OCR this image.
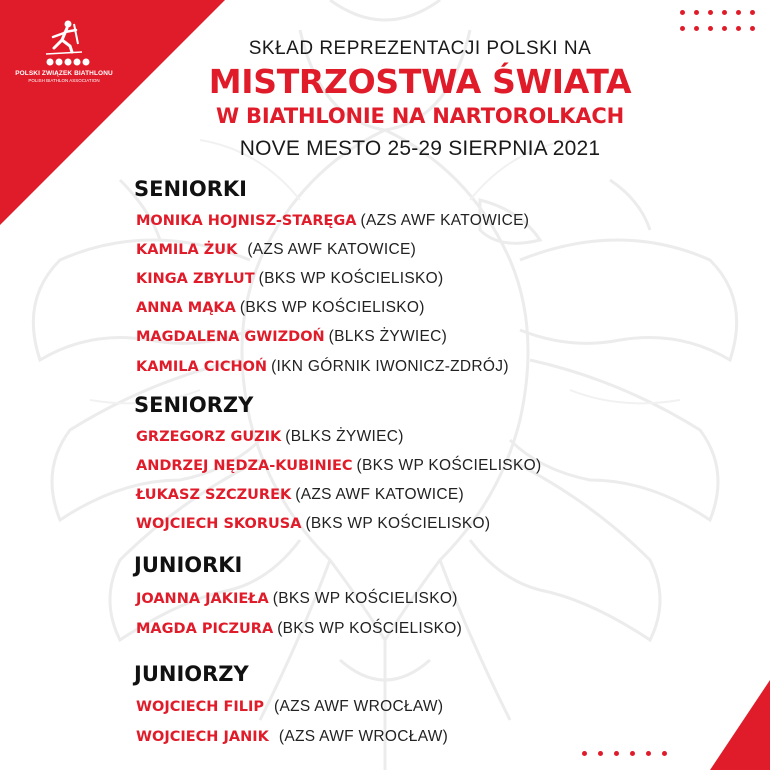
POLSKI ZWIĄZEK BIATHLONU
POLISH BIATHLON ASSOCIATION
SKŁAD REPREZENTACJI POLSKI NA
MISTRZOSTWA ŚWIATA
W BIATHLONIE NA NARTOROLKACH
NOVE MESTO 25-29 SIERPNIA 2021
SENIORKI
MONIKA HOJNISZ-STARĘGA (AZS AWF KATOWICE)
KAMILA ŻUK (AZS AWF KATOWICE)
KINGA ZBYLUT (BKS WP KOŚCIELISKO)
ANNA MĄKA (BKS WP KOŚCIELISKO)
MAGDALENA GWIZDOŃ (BLKS ŻYWIEC)
KAMILA CICHOŃ (IKN GÓRNIK IWONICZ-ZDRÓJ)
SENIORZY
GRZEGORZ GUZIK (BLKS ŻYWIEC)
ANDRZEJ NĘDZA-KUBINIEC (BKS WP KOŚCIELISKO)
ŁUKASZ SZCZUREK (AZS AWF KATOWICE)
WOJCIECH SKORUSA (BKS WP KOŚCIELISKO)
JUNIORKI
JOANNA JAKIEŁA (BKS WP KOŚCIELISKO)
MAGDA PICZURA (BKS WP KOŚCIELISKO)
JUNIORZY
WOJCIECH FILIP (AZS AWF WROCŁAW)
WOJCIECH JANIK (AZS AWF WROCŁAW)
